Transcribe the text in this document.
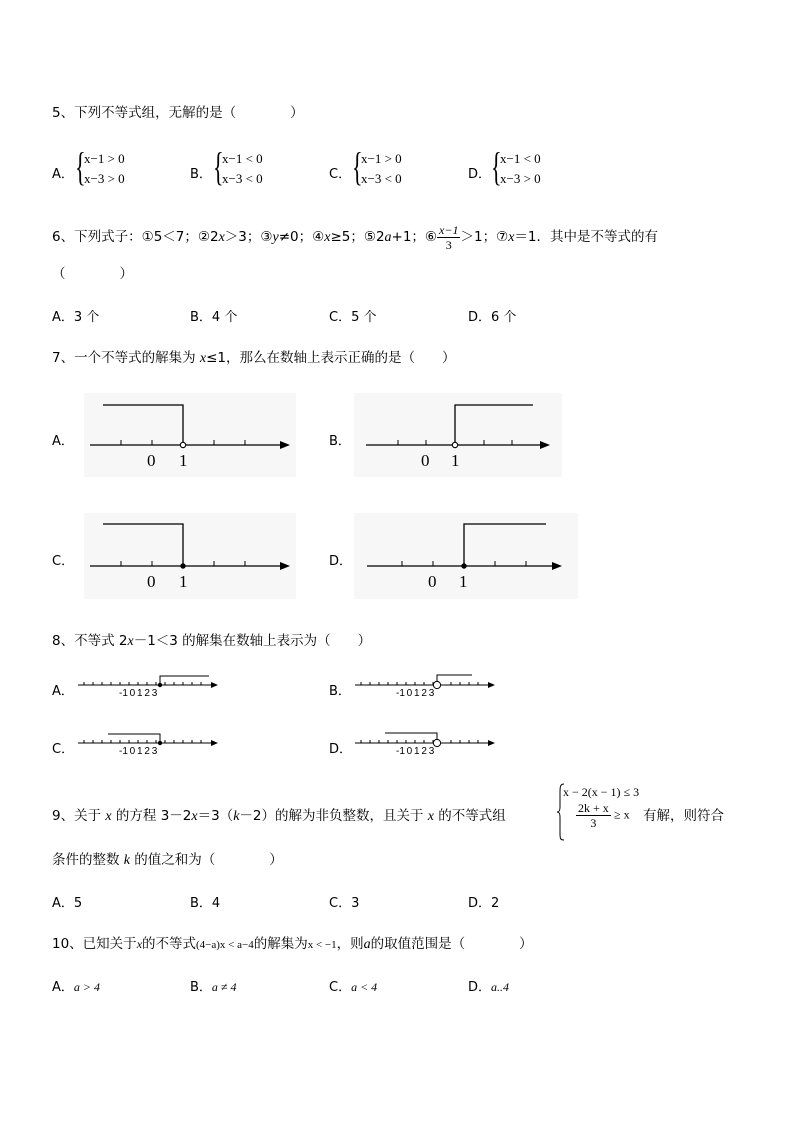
5、下列不等式组，无解的是（　　　　）
A． {
x−1 > 0
x−3 > 0	B． {
x−1 < 0
x−3 < 0	C． {
x−1 > 0
x−3 < 0	D． {
x−1 < 0
x−3 > 0
6、下列式子：①5＜7；②2x＞3；③y≠0；④x≥5；⑤2a+1；⑥ $\frac{x-1}{3} >1$；⑦x＝1．其中是不等式的有
（　　　　）
A．3 个	B．4 个	C．5 个	D．6 个
7、一个不等式的解集为 x≤1，那么在数轴上表示正确的是（　　）
A．
0 1
B．
0 1
C．
0 1
D．
0 1
8、不等式 2x－1＜3 的解集在数轴上表示为（　　）
A．	-1 0 1 2 3	B．	-1 0 1 2 3
C．	-1 0 1 2 3	D．	-1 0 1 2 3
9、关于 x 的方程 3－2x＝3（k－2）的解为非负整数，且关于 x 的不等式组
x − 2(x − 1) ≤ 3
$\frac{2k + x}{3} \ge x$ 有解，则符合
条件的整数 k 的值之和为（　　　　）
A．5	B．4	C．3	D．2
10、已知关于x的不等式(4−a)x < a−4的解集为x < −1，则a的取值范围是（　　　　）
A．a > 4	B．a ≠ 4	C．a < 4	D．a..4
